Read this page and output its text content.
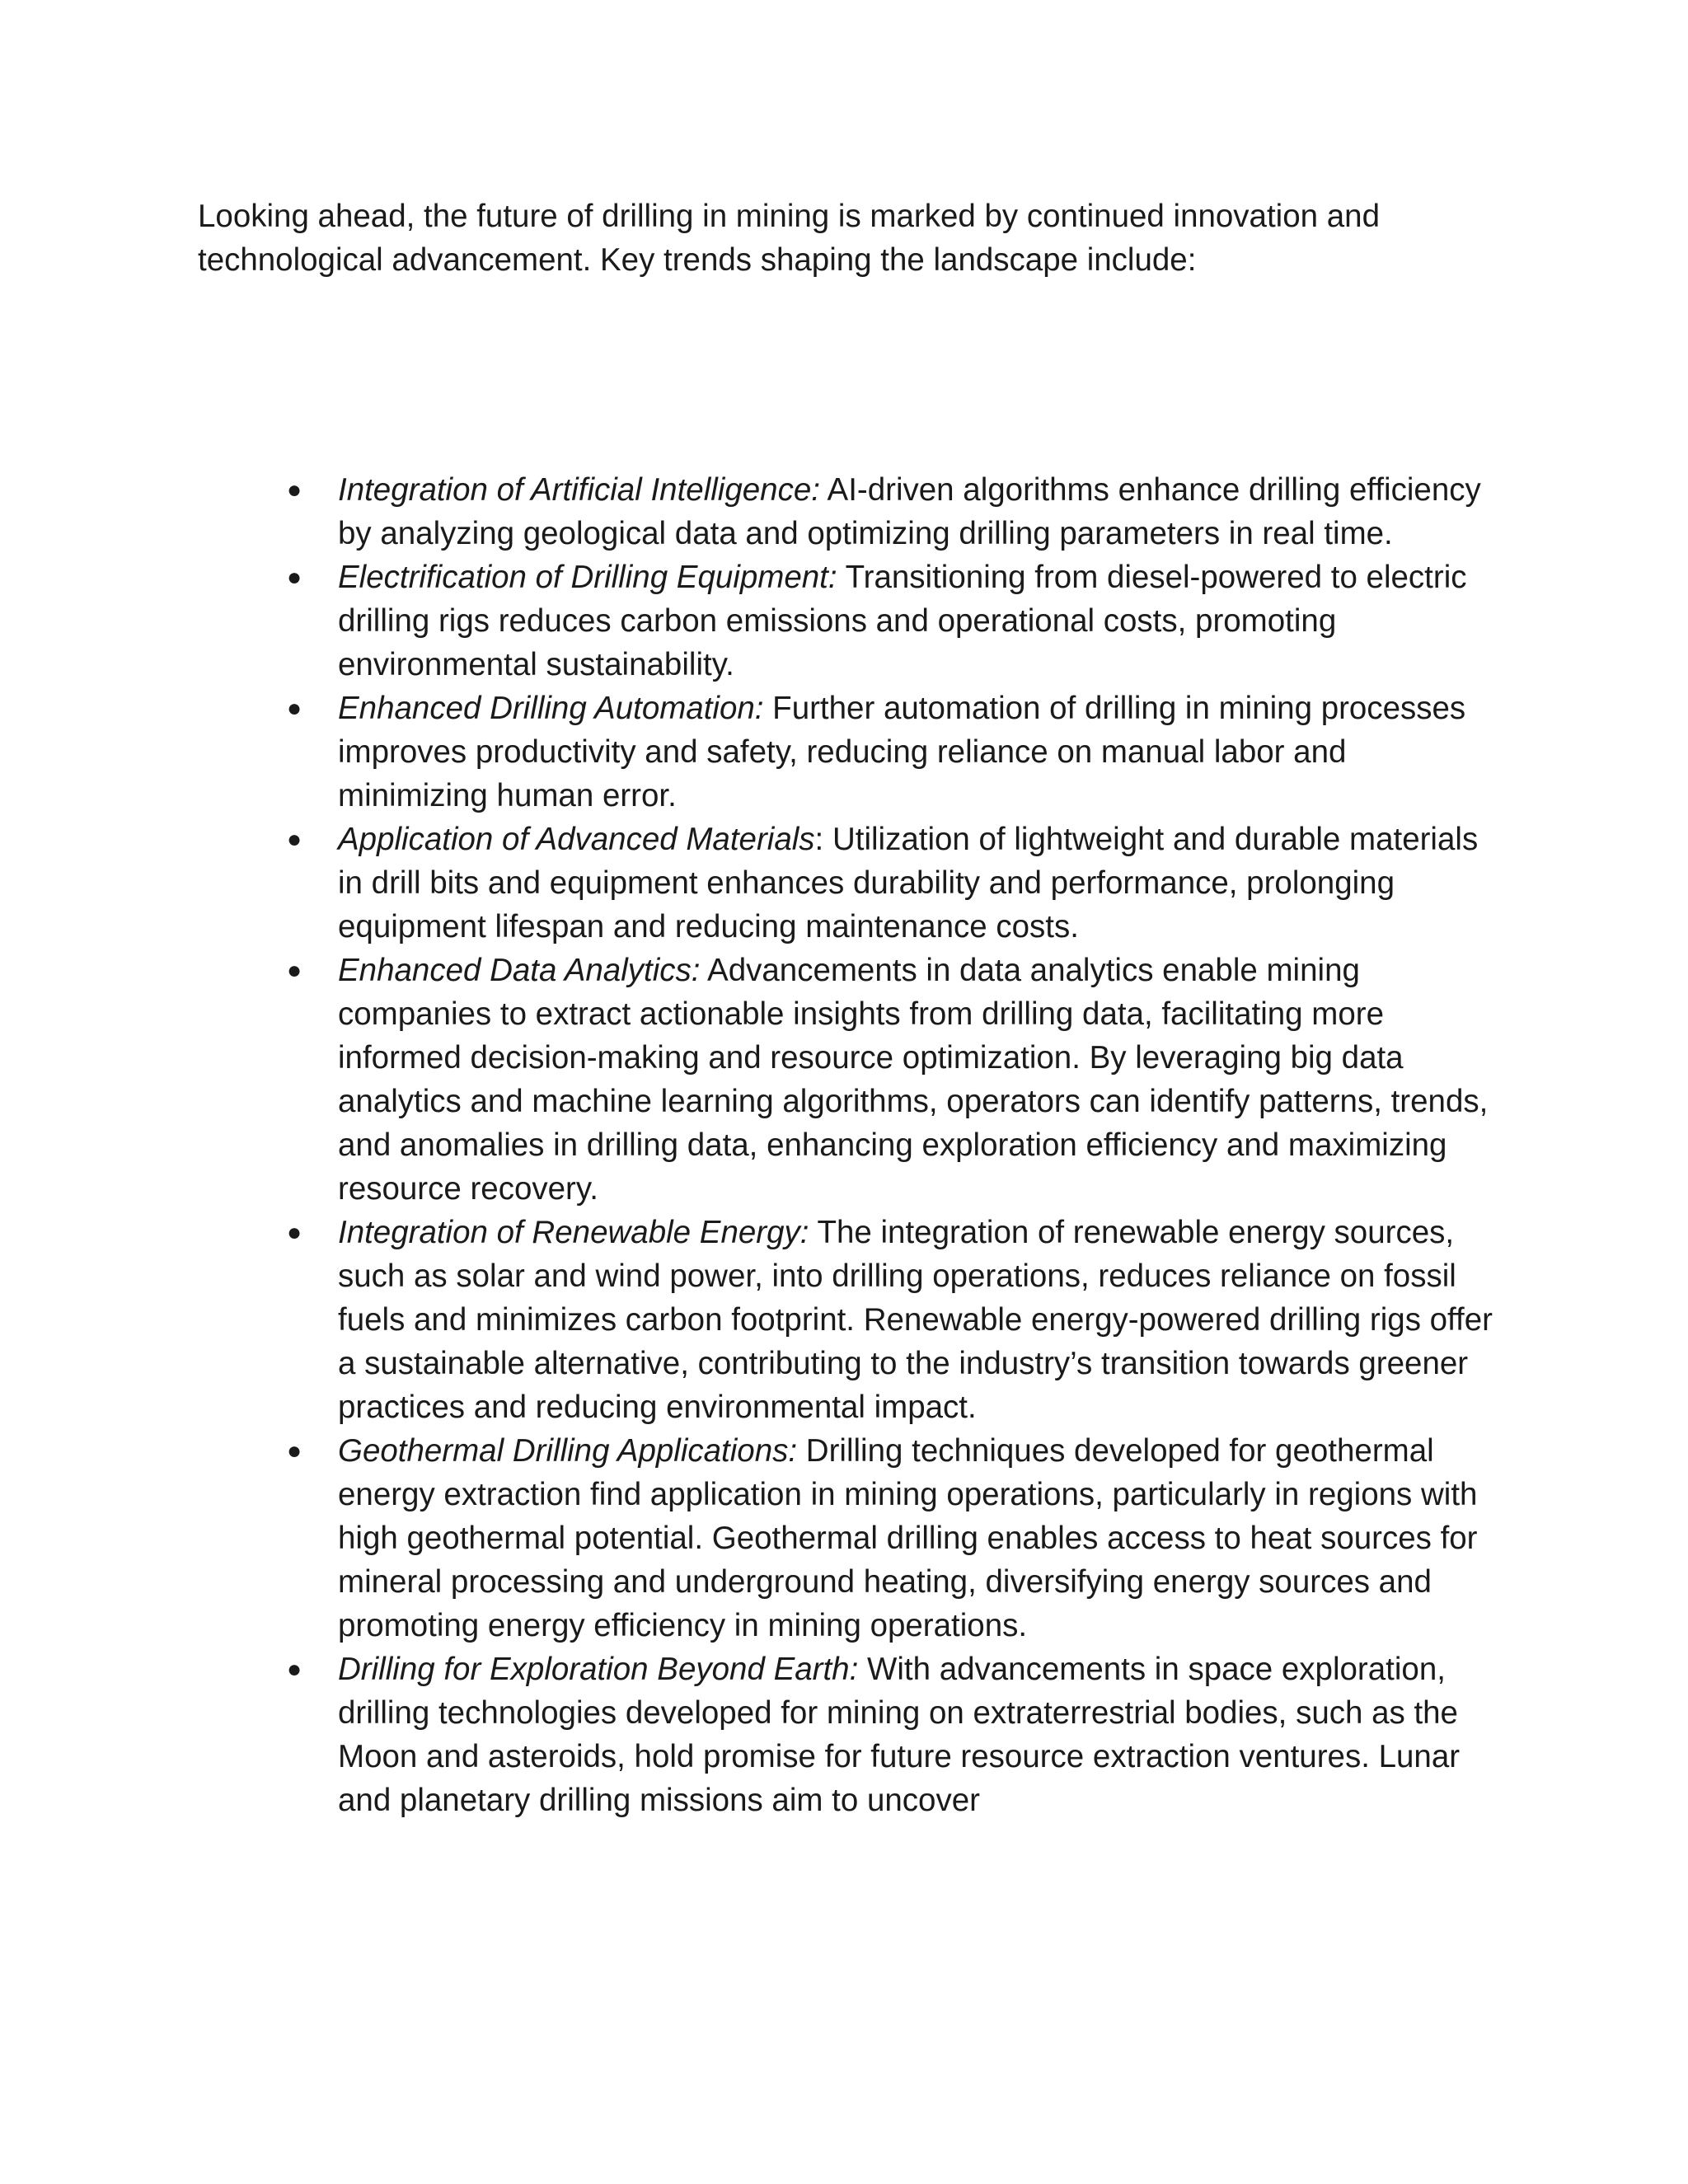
Looking ahead, the future of drilling in mining is marked by continued innovation and technological advancement. Key trends shaping the landscape include:

● Integration of Artificial Intelligence: AI-driven algorithms enhance drilling efficiency by analyzing geological data and optimizing drilling parameters in real time.
● Electrification of Drilling Equipment: Transitioning from diesel-powered to electric drilling rigs reduces carbon emissions and operational costs, promoting environmental sustainability.
● Enhanced Drilling Automation: Further automation of drilling in mining processes improves productivity and safety, reducing reliance on manual labor and minimizing human error.
● Application of Advanced Materials: Utilization of lightweight and durable materials in drill bits and equipment enhances durability and performance, prolonging equipment lifespan and reducing maintenance costs.
● Enhanced Data Analytics: Advancements in data analytics enable mining companies to extract actionable insights from drilling data, facilitating more informed decision-making and resource optimization. By leveraging big data analytics and machine learning algorithms, operators can identify patterns, trends, and anomalies in drilling data, enhancing exploration efficiency and maximizing resource recovery.
● Integration of Renewable Energy: The integration of renewable energy sources, such as solar and wind power, into drilling operations, reduces reliance on fossil fuels and minimizes carbon footprint. Renewable energy-powered drilling rigs offer a sustainable alternative, contributing to the industry’s transition towards greener practices and reducing environmental impact.
● Geothermal Drilling Applications: Drilling techniques developed for geothermal energy extraction find application in mining operations, particularly in regions with high geothermal potential. Geothermal drilling enables access to heat sources for mineral processing and underground heating, diversifying energy sources and promoting energy efficiency in mining operations.
● Drilling for Exploration Beyond Earth: With advancements in space exploration, drilling technologies developed for mining on extraterrestrial bodies, such as the Moon and asteroids, hold promise for future resource extraction ventures. Lunar and planetary drilling missions aim to uncover
